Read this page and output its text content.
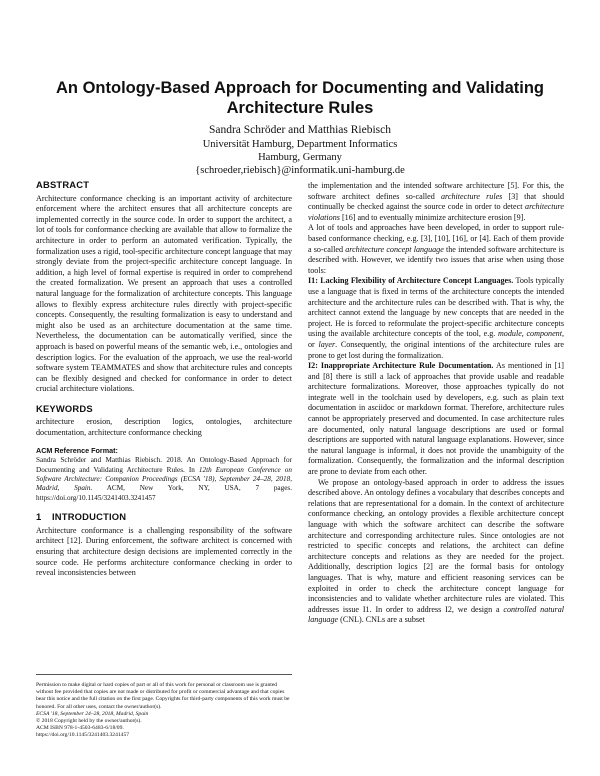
An Ontology-Based Approach for Documenting and Validating Architecture Rules
Sandra Schröder and Matthias Riebisch
Universität Hamburg, Department Informatics
Hamburg, Germany
{schroeder,riebisch}@informatik.uni-hamburg.de
ABSTRACT

Architecture conformance checking is an important activity of architecture enforcement where the architect ensures that all architecture concepts are implemented correctly in the source code. In order to support the architect, a lot of tools for conformance checking are available that allow to formalize the architecture in order to perform an automated verification. Typically, the formalization uses a rigid, tool-specific architecture concept language that may strongly deviate from the project-specific architecture concept language. In addition, a high level of formal expertise is required in order to comprehend the created formalization. We present an approach that uses a controlled natural language for the formalization of architecture concepts. This language allows to flexibly express architecture rules directly with project-specific concepts. Consequently, the resulting formalization is easy to understand and might also be used as an architecture documentation at the same time. Nevertheless, the documentation can be automatically verified, since the approach is based on powerful means of the semantic web, i.e., ontologies and description logics. For the evaluation of the approach, we use the real-world software system TEAMMATES and show that architecture rules and concepts can be flexibly designed and checked for conformance in order to detect crucial architecture violations.

KEYWORDS

architecture erosion, description logics, ontologies, architecture documentation, architecture conformance checking

ACM Reference Format:

Sandra Schröder and Matthias Riebisch. 2018. An Ontology-Based Approach for Documenting and Validating Architecture Rules. In 12th European Conference on Software Architecture: Companion Proceedings (ECSA '18), September 24–28, 2018, Madrid, Spain. ACM, New York, NY, USA, 7 pages. https://doi.org/10.1145/3241403.3241457

1 INTRODUCTION

Architecture conformance is a challenging responsibility of the software architect [12]. During enforcement, the software architect is concerned with ensuring that architecture design decisions are implemented correctly in the source code. He performs architecture conformance checking in order to reveal inconsistencies between

Permission to make digital or hard copies of part or all of this work for personal or classroom use is granted without fee provided that copies are not made or distributed for profit or commercial advantage and that copies bear this notice and the full citation on the first page. Copyrights for third-party components of this work must be honored. For all other uses, contact the owner/author(s).

ECSA '18, September 24–28, 2018, Madrid, Spain

© 2018 Copyright held by the owner/author(s).

ACM ISBN 978-1-4503-6483-6/18/09.

https://doi.org/10.1145/3241403.3241457

the implementation and the intended software architecture [5]. For this, the software architect defines so-called architecture rules [3] that should continually be checked against the source code in order to detect architecture violations [16] and to eventually minimize architecture erosion [9].

A lot of tools and approaches have been developed, in order to support rule-based conformance checking, e.g. [3], [10], [16], or [4]. Each of them provide a so-called architecture concept language the intended software architecture is described with. However, we identify two issues that arise when using those tools:

I1: Lacking Flexibility of Architecture Concept Languages. Tools typically use a language that is fixed in terms of the architecture concepts the intended architecture and the architecture rules can be described with. That is why, the architect cannot extend the language by new concepts that are needed in the project. He is forced to reformulate the project-specific architecture concepts using the available architecture concepts of the tool, e.g. module, component, or layer. Consequently, the original intentions of the architecture rules are prone to get lost during the formalization.

I2: Inappropriate Architecture Rule Documentation. As mentioned in [1] and [8] there is still a lack of approaches that provide usable and readable architecture formalizations. Moreover, those approaches typically do not integrate well in the toolchain used by developers, e.g. such as plain text documentation in asciidoc or markdown format. Therefore, architecture rules cannot be appropriately preserved and documented. In case architecture rules are documented, only natural language descriptions are used or formal descriptions are supported with natural language explanations. However, since the natural language is informal, it does not provide the unambiguity of the formalization. Consequently, the formalization and the informal description are prone to deviate from each other.

We propose an ontology-based approach in order to address the issues described above. An ontology defines a vocabulary that describes concepts and relations that are representational for a domain. In the context of architecture conformance checking, an ontology provides a flexible architecture concept language with which the software architect can describe the software architecture and corresponding architecture rules. Since ontologies are not restricted to specific concepts and relations, the architect can define architecture concepts and relations as they are needed for the project. Additionally, description logics [2] are the formal basis for ontology languages. That is why, mature and efficient reasoning services can be exploited in order to check the architecture concept language for inconsistencies and to validate whether architecture rules are violated. This addresses issue I1. In order to address I2, we design a controlled natural language (CNL). CNLs are a subset
